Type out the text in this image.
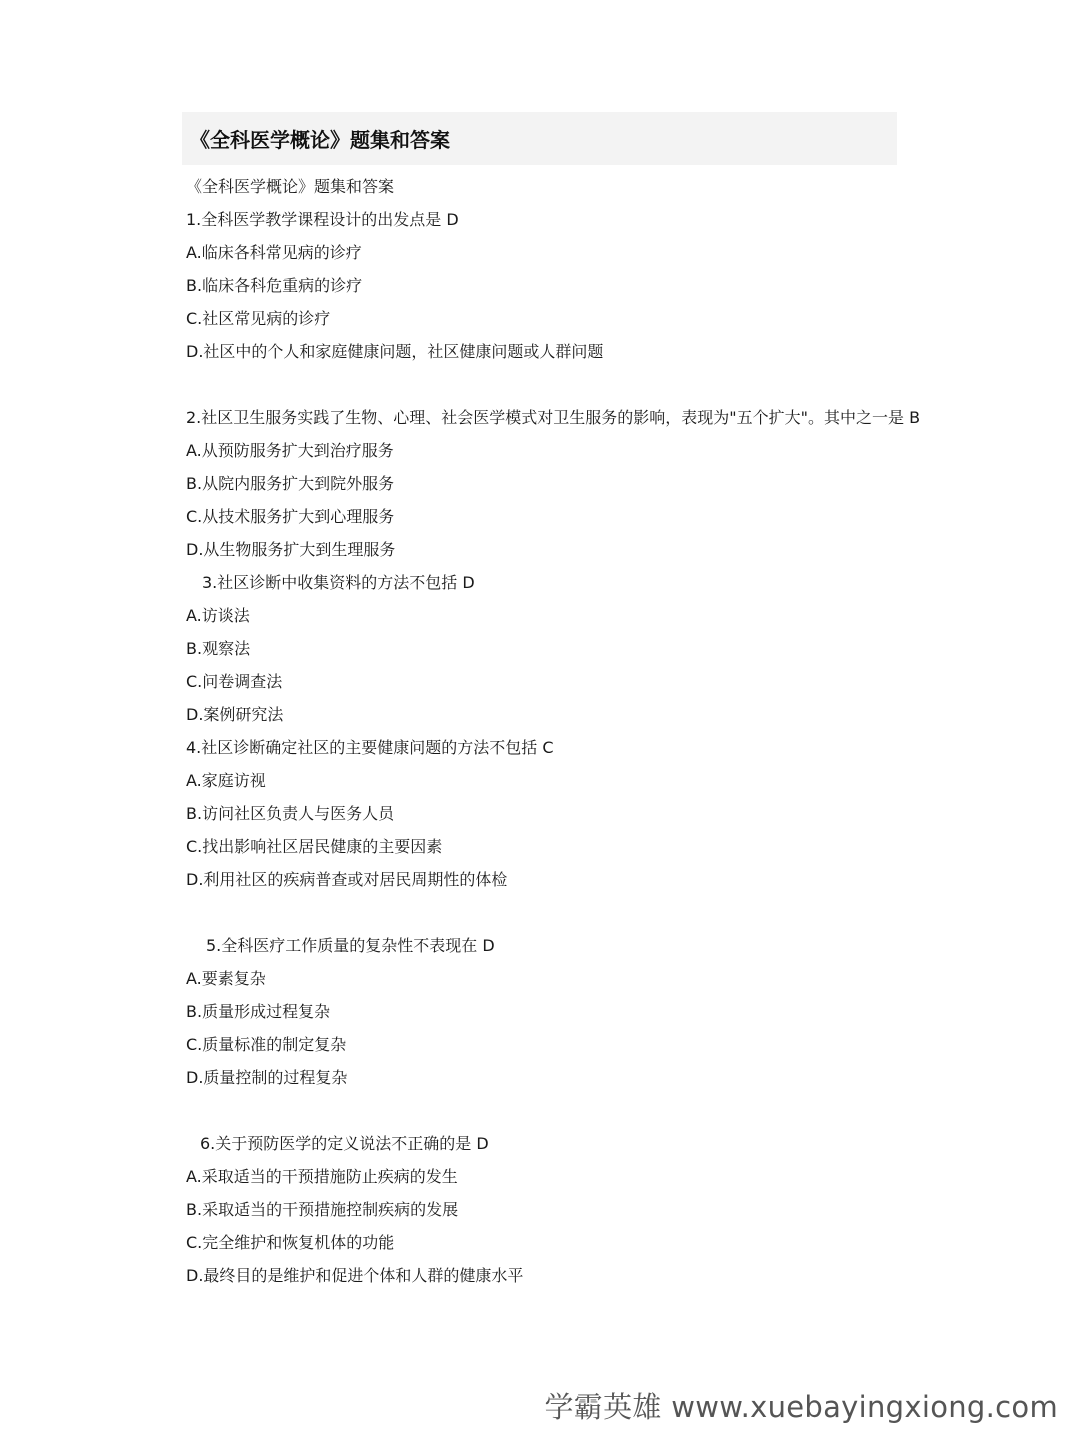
《全科医学概论》题集和答案
《全科医学概论》题集和答案
1.全科医学教学课程设计的出发点是 D
A.临床各科常见病的诊疗
B.临床各科危重病的诊疗
C.社区常见病的诊疗
D.社区中的个人和家庭健康问题，社区健康问题或人群问题
2.社区卫生服务实践了生物、心理、社会医学模式对卫生服务的影响，表现为"五个扩大"。其中之一是 B
A.从预防服务扩大到治疗服务
B.从院内服务扩大到院外服务
C.从技术服务扩大到心理服务
D.从生物服务扩大到生理服务
3.社区诊断中收集资料的方法不包括 D
A.访谈法
B.观察法
C.问卷调查法
D.案例研究法
4.社区诊断确定社区的主要健康问题的方法不包括 C
A.家庭访视
B.访问社区负责人与医务人员
C.找出影响社区居民健康的主要因素
D.利用社区的疾病普查或对居民周期性的体检
5.全科医疗工作质量的复杂性不表现在 D
A.要素复杂
B.质量形成过程复杂
C.质量标准的制定复杂
D.质量控制的过程复杂
6.关于预防医学的定义说法不正确的是 D
A.采取适当的干预措施防止疾病的发生
B.采取适当的干预措施控制疾病的发展
C.完全维护和恢复机体的功能
D.最终目的是维护和促进个体和人群的健康水平
学霸英雄 www.xuebayingxiong.com
